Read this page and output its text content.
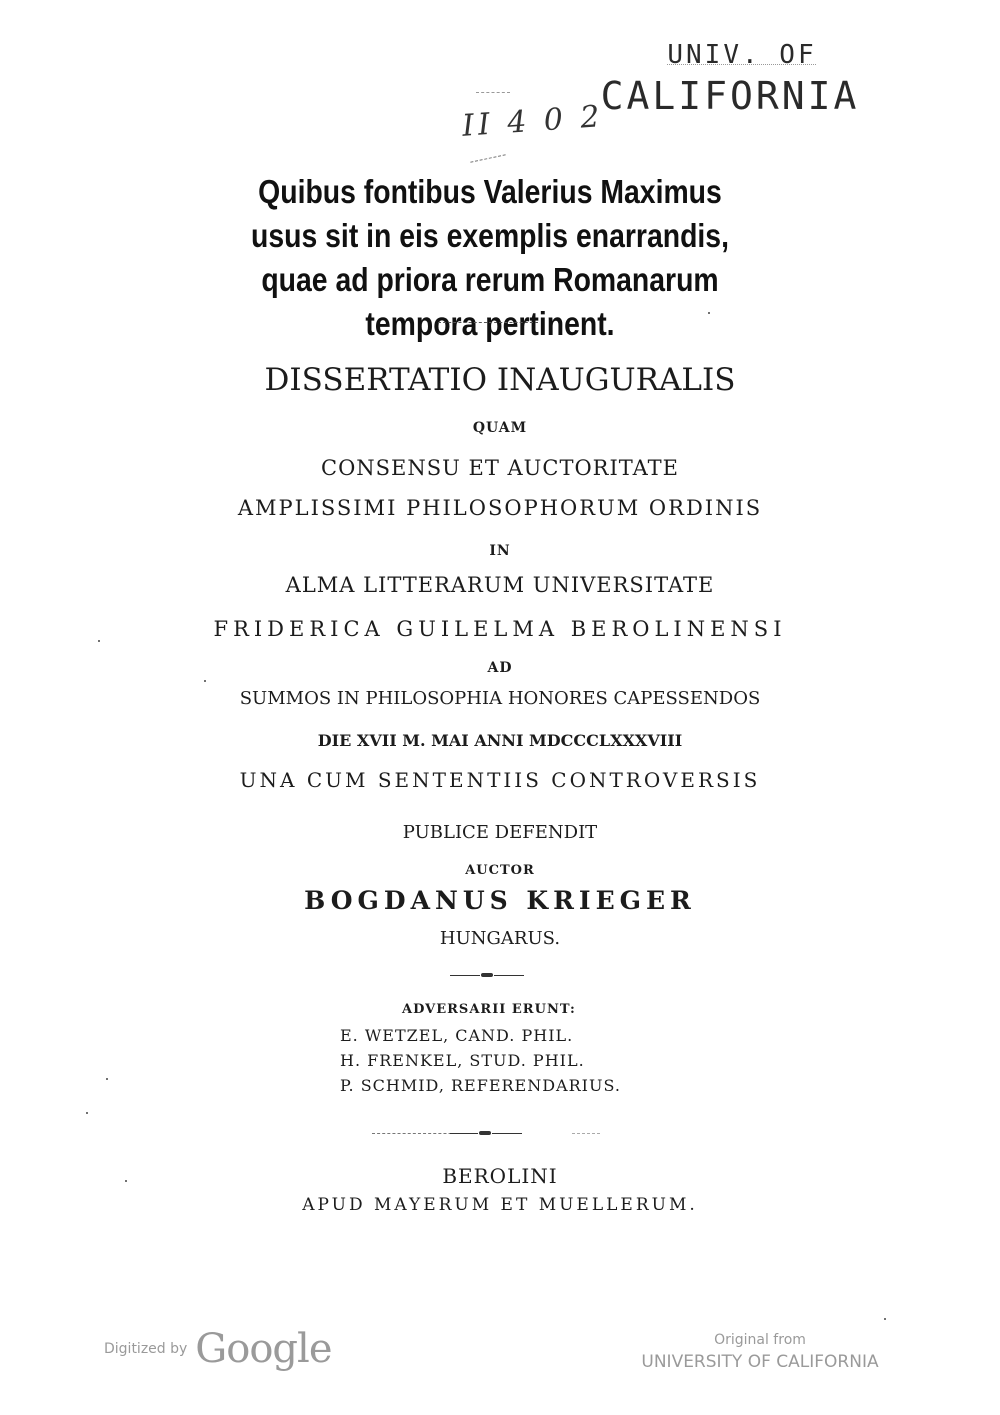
UNIV. OF
CALIFORNIA
II 4 0 2
Quibus fontibus Valerius Maximus usus sit in eis exemplis enarrandis, quae ad priora rerum Romanarum tempora pertinent.
DISSERTATIO INAUGURALIS
QUAM
CONSENSU ET AUCTORITATE
AMPLISSIMI PHILOSOPHORUM ORDINIS
IN
ALMA LITTERARUM UNIVERSITATE
FRIDERICA GUILELMA BEROLINENSI
AD
SUMMOS IN PHILOSOPHIA HONORES CAPESSENDOS
DIE XVII M. MAI ANNI MDCCCLXXXVIII
UNA CUM SENTENTIIS CONTROVERSIS
PUBLICE DEFENDIT
AUCTOR
BOGDANUS KRIEGER
HUNGARUS.
ADVERSARII ERUNT:
E. WETZEL, CAND. PHIL.
H. FRENKEL, STUD. PHIL.
P. SCHMID, REFERENDARIUS.
BEROLINI
APUD MAYERUM ET MUELLERUM.
Digitized by Google	Original from
UNIVERSITY OF CALIFORNIA
